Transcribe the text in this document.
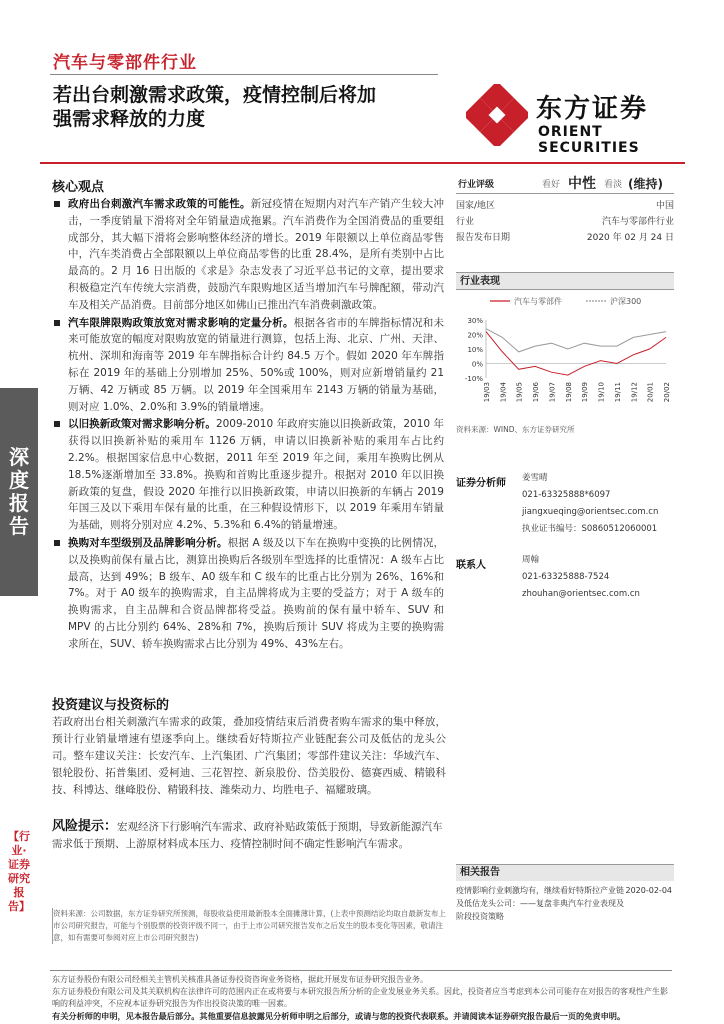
汽车与零部件行业
若出台刺激需求政策，疫情控制后将加
强需求释放的力度	东方证券
ORIENT SECURITIES
深
度
报
告
【行业·证券研究报告】
核心观点
政府出台刺激汽车需求政策的可能性。新冠疫情在短期内对汽车产销产生较大冲击，一季度销量下滑将对全年销量造成拖累。汽车消费作为全国消费品的重要组成部分，其大幅下滑将会影响整体经济的增长。2019 年限额以上单位商品零售中，汽车类消费占全部限额以上单位商品零售的比重 28.4%，是所有类别中占比最高的。2 月 16 日出版的《求是》杂志发表了习近平总书记的文章，提出要求积极稳定汽车传统大宗消费，鼓励汽车限购地区适当增加汽车号牌配额，带动汽车及相关产品消费。目前部分地区如佛山已推出汽车消费刺激政策。
汽车限牌限购政策放宽对需求影响的定量分析。根据各省市的车牌指标情况和未来可能放宽的幅度对限购放宽的销量进行测算，包括上海、北京、广州、天津、杭州、深圳和海南等 2019 年车牌指标合计约 84.5 万个。假如 2020 年车牌指标在 2019 年的基础上分别增加 25%、50%或 100%，则对应新增销量约 21 万辆、42 万辆或 85 万辆。以 2019 年全国乘用车 2143 万辆的销量为基础，则对应 1.0%、2.0%和 3.9%的销量增速。
以旧换新政策对需求影响分析。2009-2010 年政府实施以旧换新政策，2010 年获得以旧换新补贴的乘用车 1126 万辆，申请以旧换新补贴的乘用车占比约 2.2%。根据国家信息中心数据，2011 年至 2019 年之间，乘用车换购比例从 18.5%逐渐增加至 33.8%。换购和首购比重逐步提升。根据对 2010 年以旧换新政策的复盘，假设 2020 年推行以旧换新政策，申请以旧换新的车辆占 2019 年国三及以下乘用车保有量的比重，在三种假设情形下，以 2019 年乘用车销量为基础，则将分别对应 4.2%、5.3%和 6.4%的销量增速。
换购对车型级别及品牌影响分析。根据 A 级及以下车在换购中变换的比例情况，以及换购前保有量占比，测算出换购后各级别车型选择的比重情况：A 级车占比最高，达到 49%；B 级车、A0 级车和 C 级车的比重占比分别为 26%、16%和 7%。对于 A0 级车的换购需求，自主品牌将成为主要的受益方；对于 A 级车的换购需求，自主品牌和合资品牌都将受益。换购前的保有量中轿车、SUV 和 MPV 的占比分别约 64%、28%和 7%，换购后预计 SUV 将成为主要的换购需求所在，SUV、轿车换购需求占比分别为 49%、43%左右。
投资建议与投资标的
若政府出台相关刺激汽车需求的政策，叠加疫情结束后消费者购车需求的集中释放，预计行业销量增速有望逐季向上。继续看好特斯拉产业链配套公司及低估的龙头公司。整车建议关注：长安汽车、上汽集团、广汽集团；零部件建议关注：华域汽车、银轮股份、拓普集团、爱柯迪、三花智控、新泉股份、岱美股份、德赛西威、精锻科技、科博达、继峰股份、精锻科技、潍柴动力、均胜电子、福耀玻璃。
风险提示：宏观经济下行影响汽车需求、政府补贴政策低于预期，导致新能源汽车需求低于预期、上游原材料成本压力、疫情控制时间不确定性影响汽车需求。
行业评级	看好 中性 看淡 (维持)
国家/地区	中国
行业	汽车与零部件行业
报告发布日期	2020 年 02 月 24 日
行业表现
汽车与零部件	沪深300
30%
20%
10%
0%
-10%
19/03 19/04 19/05 19/06 19/07 19/08 19/09 19/10 19/11 19/12 20/01 20/02
资料来源：WIND、东方证券研究所
证券分析师 姜雪晴
021-63325888*6097
jiangxueqing@orientsec.com.cn
执业证书编号：S0860512060001
联系人	周翰
021-63325888-7524
zhouhan@orientsec.com.cn
相关报告
疫情影响行业刺激均有，继续看好特斯拉产业链及低估龙头公司：——复盘非典汽车行业表现及阶段投资策略
2020-02-04
资料来源：公司数据，东方证券研究所预测，每股收益使用最新股本全面摊薄计算，(上表中预测结论均取自最新发布上市公司研究报告，可能与个别股票的投资评级不同一，由于上市公司研究报告发布之后发生的股本变化等因素，敬请注意，如有需要可参阅对应上市公司研究报告)
东方证券股份有限公司经相关主管机关核准具备证券投资咨询业务资格，据此开展发布证券研究报告业务。
东方证券股份有限公司及其关联机构在法律许可的范围内正在或将要与本研究报告所分析的企业发展业务关系。因此，投资者应当考虑到本公司可能存在对报告的客观性产生影响的利益冲突，不应视本证券研究报告为作出投资决策的唯一因素。
有关分析师的申明，见本报告最后部分。其他重要信息披露见分析师申明之后部分，或请与您的投资代表联系。并请阅读本证券研究报告最后一页的免责申明。
